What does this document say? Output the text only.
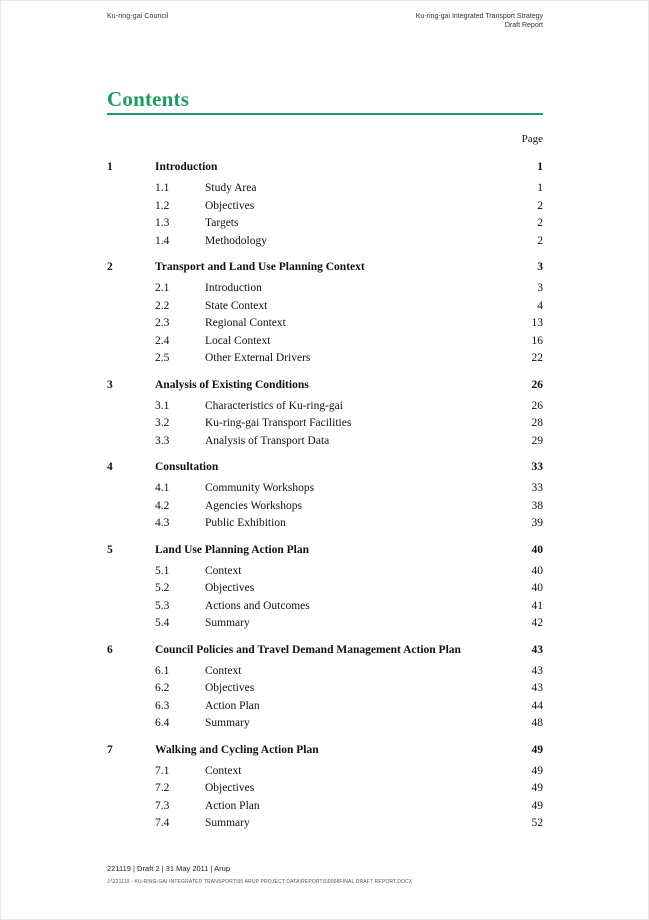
Ku-ring-gai Council	Ku-ring-gai Integrated Transport Strategy
Draft Report
Contents
Page
1	Introduction	1
1.1	Study Area	1
1.2	Objectives	2
1.3	Targets	2
1.4	Methodology	2
2	Transport and Land Use Planning Context	3
2.1	Introduction	3
2.2	State Context	4
2.3	Regional Context	13
2.4	Local Context	16
2.5	Other External Drivers	22
3	Analysis of Existing Conditions	26
3.1	Characteristics of Ku-ring-gai	26
3.2	Ku-ring-gai Transport Facilities	28
3.3	Analysis of Transport Data	29
4	Consultation	33
4.1	Community Workshops	33
4.2	Agencies Workshops	38
4.3	Public Exhibition	39
5	Land Use Planning Action Plan	40
5.1	Context	40
5.2	Objectives	40
5.3	Actions and Outcomes	41
5.4	Summary	42
6	Council Policies and Travel Demand Management Action Plan	43
6.1	Context	43
6.2	Objectives	43
6.3	Action Plan	44
6.4	Summary	48
7	Walking and Cycling Action Plan	49
7.1	Context	49
7.2	Objectives	49
7.3	Action Plan	49
7.4	Summary	52
221119 | Draft 2 | 31 May 2011 | Arup
J:\221119 - KU-RING-GAI INTEGRATED TRANSPORT\05 ARUP PROJECT DATA\REPORTS\0008FINAL DRAFT REPORT.DOCX
